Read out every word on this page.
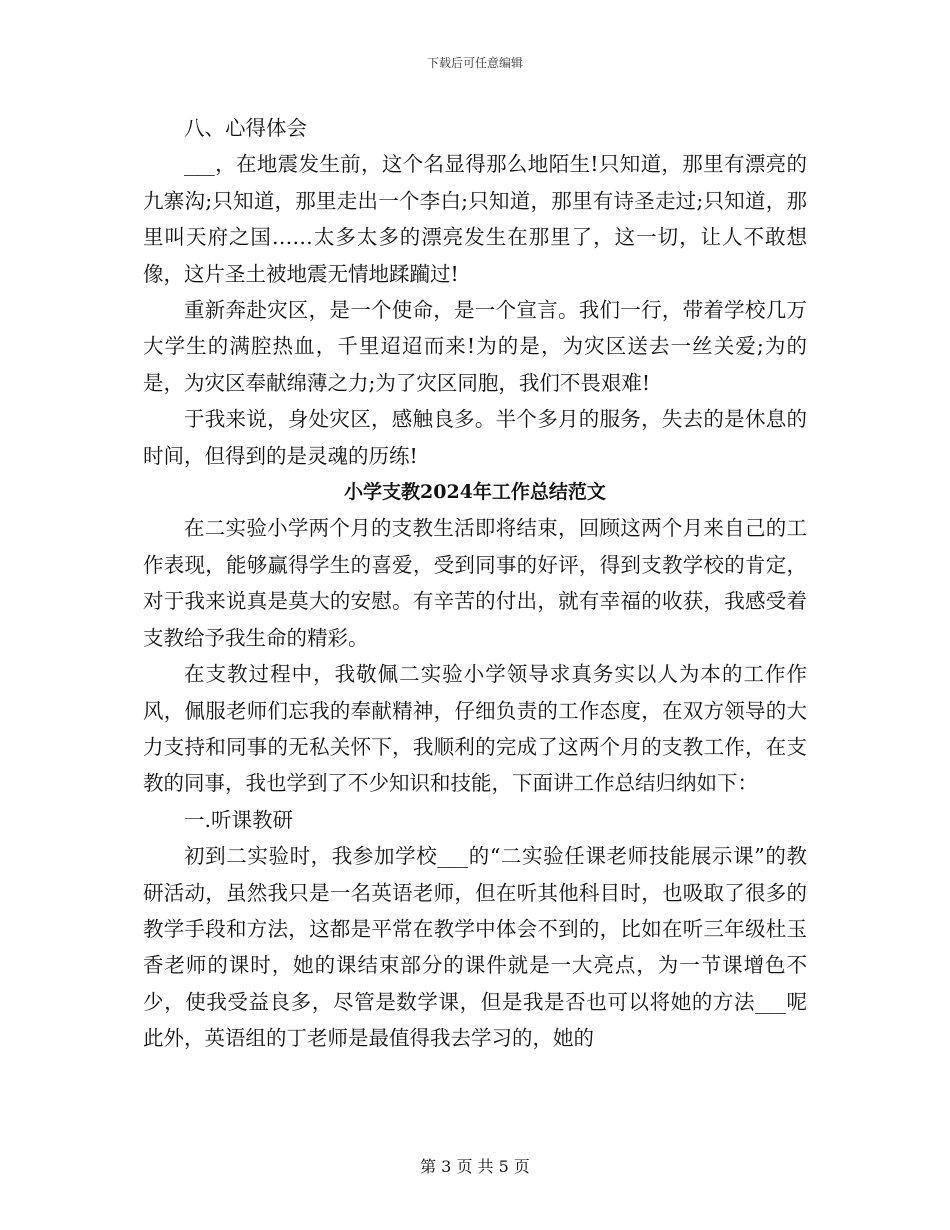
下载后可任意编辑

八、心得体会

___，在地震发生前，这个名显得那么地陌生!只知道，那里有漂亮的九寨沟;只知道，那里走出一个李白;只知道，那里有诗圣走过;只知道，那里叫天府之国……太多太多的漂亮发生在那里了，这一切，让人不敢想像，这片圣土被地震无情地蹂躏过!

重新奔赴灾区，是一个使命，是一个宣言。我们一行，带着学校几万大学生的满腔热血，千里迢迢而来!为的是，为灾区送去一丝关爱;为的是，为灾区奉献绵薄之力;为了灾区同胞，我们不畏艰难!

于我来说，身处灾区，感触良多。半个多月的服务，失去的是休息的时间，但得到的是灵魂的历练!

小学支教2024年工作总结范文

在二实验小学两个月的支教生活即将结束，回顾这两个月来自己的工作表现，能够赢得学生的喜爱，受到同事的好评，得到支教学校的肯定，对于我来说真是莫大的安慰。有辛苦的付出，就有幸福的收获，我感受着支教给予我生命的精彩。

在支教过程中，我敬佩二实验小学领导求真务实以人为本的工作作风，佩服老师们忘我的奉献精神，仔细负责的工作态度，在双方领导的大力支持和同事的无私关怀下，我顺利的完成了这两个月的支教工作，在支教的同事，我也学到了不少知识和技能，下面讲工作总结归纳如下：

一.听课教研

初到二实验时，我参加学校___的“二实验任课老师技能展示课”的教研活动，虽然我只是一名英语老师，但在听其他科目时，也吸取了很多的教学手段和方法，这都是平常在教学中体会不到的，比如在听三年级杜玉香老师的课时，她的课结束部分的课件就是一大亮点，为一节课增色不少，使我受益良多，尽管是数学课，但是我是否也可以将她的方法___呢此外，英语组的丁老师是最值得我去学习的，她的

第 3 页 共 5 页
